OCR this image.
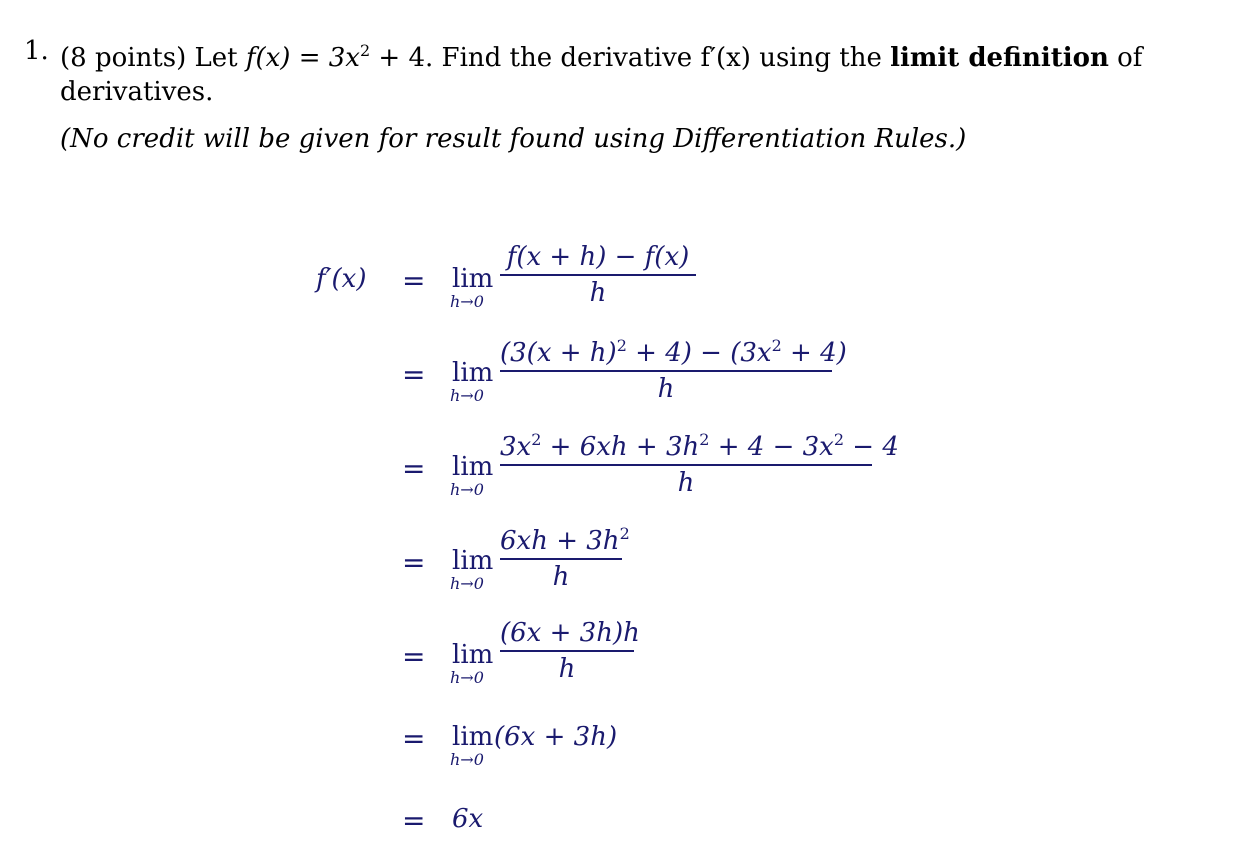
1. (8 points) Let $f(x) = 3x^2 + 4$. Find the derivative f′(x) using the limit definition of
derivatives.
(No credit will be given for result found using Differentiation Rules.)
f′(x) = lim
h→0
f(x + h) − f(x)
h
= lim
h→0
$(3(x + h)^2 + 4) - (3x^2 + 4)$
h
= lim
h→0
$3x^2 + 6xh + 3h^2 + 4 - 3x^2 - 4$
h
= lim
h→0
$6xh + 3h^2$
h
= lim
h→0
(6x + 3h)h
h
= lim
h→0
(6x + 3h)
= 6x
